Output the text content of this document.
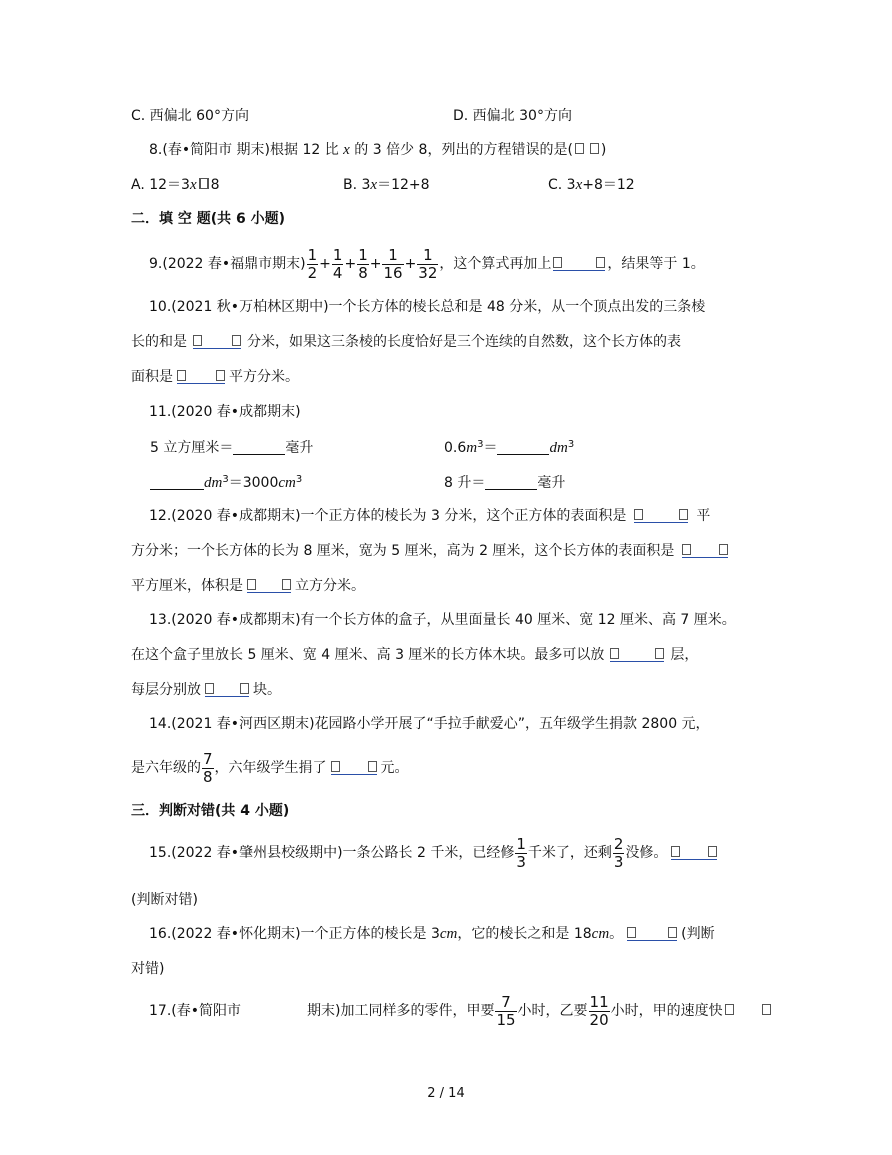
C. 西偏北 60°方向	D. 西偏北 30°方向
8.(春•简阳市 期末)根据 12 比 x 的 3 倍少 8，列出的方程错误的是( )
A. 12＝3x 8	B. 3x＝12+8	C. 3x+8＝12
二．填 空 题(共 6 小题)
9.(2022 春•福鼎市期末) $\frac{1}{2} + \frac{1}{4} + \frac{1}{8} + \frac{1}{16} + \frac{1}{32}$ ，这个算式再加上	，结果等于 1。
10.(2021 秋•万柏林区期中)一个长方体的棱长总和是 48 分米，从一个顶点出发的三条棱
长的和是	分米，如果这三条棱的长度恰好是三个连续的自然数，这个长方体的表
面积是	平方分米。
11.(2020 春•成都期末)
5 立方厘米＝	毫升	$0.6m^3=$	$dm^3$
$dm^3=3000cm^3$	8 升＝	毫升
12.(2020 春•成都期末)一个正方体的棱长为 3 分米，这个正方体的表面积是	平
方分米；一个长方体的长为 8 厘米，宽为 5 厘米，高为 2 厘米，这个长方体的表面积是
平方厘米，体积是	立方分米。
13.(2020 春•成都期末)有一个长方体的盒子，从里面量长 40 厘米、宽 12 厘米、高 7 厘米。
在这个盒子里放长 5 厘米、宽 4 厘米、高 3 厘米的长方体木块。最多可以放	层，
每层分别放	块。
14.(2021 春•河西区期末)花园路小学开展了“手拉手献爱心”，五年级学生捐款 2800 元，
是六年级的 $\frac{7}{8}$ ，六年级学生捐了	元。
三．判断对错(共 4 小题)
15.(2022 春•肇州县校级期中)一条公路长 2 千米，已经修 $\frac{1}{3}$ 千米了，还剩 $\frac{2}{3}$ 没修。
(判断对错)
16.(2022 春•怀化期末)一个正方体的棱长是 3cm，它的棱长之和是 18cm。	(判断
对错)
17.(春•简阳市	期末)加工同样多的零件，甲要 $\frac{7}{15}$ 小时，乙要 $\frac{11}{20}$ 小时，甲的速度快
2 / 14
